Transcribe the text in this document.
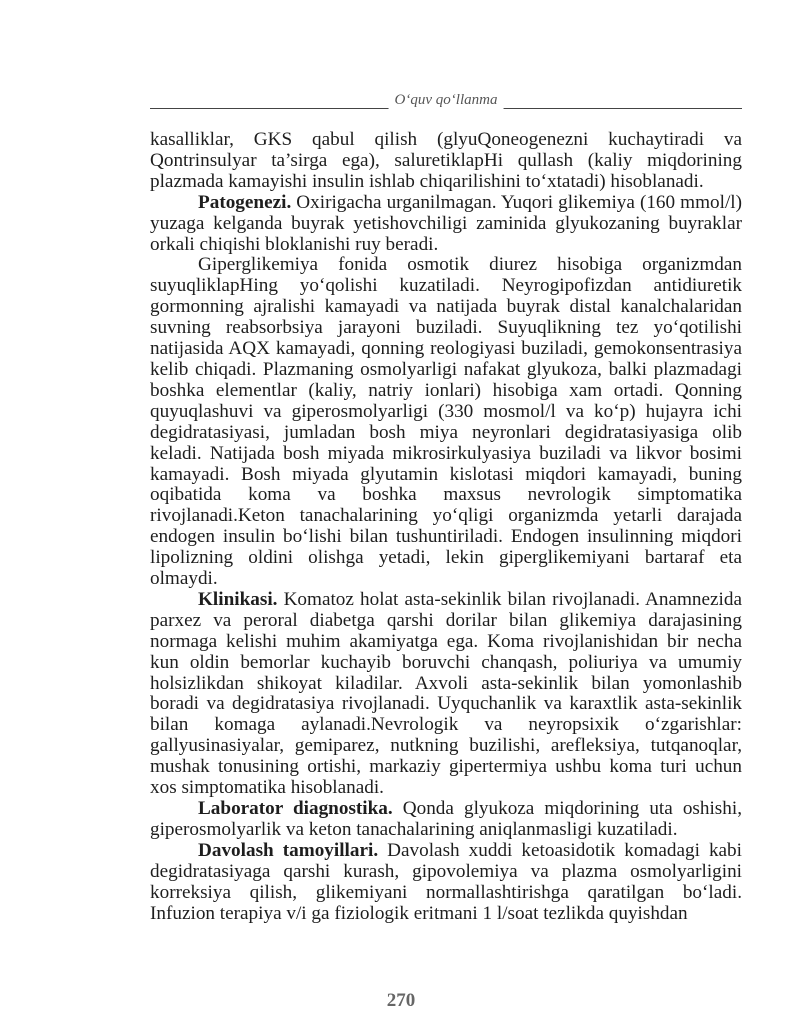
O‘quv qo‘llanma

kasalliklar, GKS qabul qilish (glyuQoneogenezni kuchaytiradi va Qontrinsulyar ta’sirga ega), saluretiklapHi qullash (kaliy miqdorining plazmada kamayishi insulin ishlab chiqarilishini to‘xtatadi) hisoblanadi.

Patogenezi. Oxirigacha urganilmagan. Yuqori glikemiya (160 mmol/l) yuzaga kelganda buyrak yetishovchiligi zaminida glyukozaning buyraklar orkali chiqishi bloklanishi ruy beradi.

Giperglikemiya fonida osmotik diurez hisobiga organizmdan suyuqliklapHing yo‘qolishi kuzatiladi. Neyrogipofizdan antidiuretik gormonning ajralishi kamayadi va natijada buyrak distal kanalchalaridan suvning reabsorbsiya jarayoni buziladi. Suyuqlikning tez yo‘qotilishi natijasida AQX kamayadi, qonning reologiyasi buziladi, gemokonsentrasiya kelib chiqadi. Plazmaning osmolyarligi nafakat glyukoza, balki plazmadagi boshka elementlar (kaliy, natriy ionlari) hisobiga xam ortadi. Qonning quyuqlashuvi va giperosmolyarligi (330 mosmol/l va ko‘p) hujayra ichi degidratasiyasi, jumladan bosh miya neyronlari degidratasiyasiga olib keladi. Natijada bosh miyada mikrosirkulyasiya buziladi va likvor bosimi kamayadi. Bosh miyada glyutamin kislotasi miqdori kamayadi, buning oqibatida koma va boshka maxsus nevrologik simptomatika rivojlanadi.Keton tanachalarining yo‘qligi organizmda yetarli darajada endogen insulin bo‘lishi bilan tushuntiriladi. Endogen insulinning miqdori lipolizning oldini olishga yetadi, lekin giperglikemiyani bartaraf eta olmaydi.

Klinikasi. Komatoz holat asta-sekinlik bilan rivojlanadi. Anamnezida parxez va peroral diabetga qarshi dorilar bilan glikemiya darajasining normaga kelishi muhim akamiyatga ega. Koma rivojlanishidan bir necha kun oldin bemorlar kuchayib boruvchi chanqash, poliuriya va umumiy holsizlikdan shikoyat kiladilar. Axvoli asta-sekinlik bilan yomonlashib boradi va degidratasiya rivojlanadi. Uyquchanlik va karaxtlik asta-sekinlik bilan komaga aylanadi.Nevrologik va neyropsixik o‘zgarishlar: gallyusinasiyalar, gemiparez, nutkning buzilishi, arefleksiya, tutqanoqlar, mushak tonusining ortishi, markaziy gipertermiya ushbu koma turi uchun xos simptomatika hisoblanadi.

Laborator diagnostika. Qonda glyukoza miqdorining uta oshishi, giperosmolyarlik va keton tanachalarining aniqlanmasligi kuzatiladi.

Davolash tamoyillari. Davolash xuddi ketoasidotik komadagi kabi degidratasiyaga qarshi kurash, gipovolemiya va plazma osmolyarligini korreksiya qilish, glikemiyani normallashtirishga qaratilgan bo‘ladi. Infuzion terapiya v/i ga fiziologik eritmani 1 l/soat tezlikda quyishdan

270
